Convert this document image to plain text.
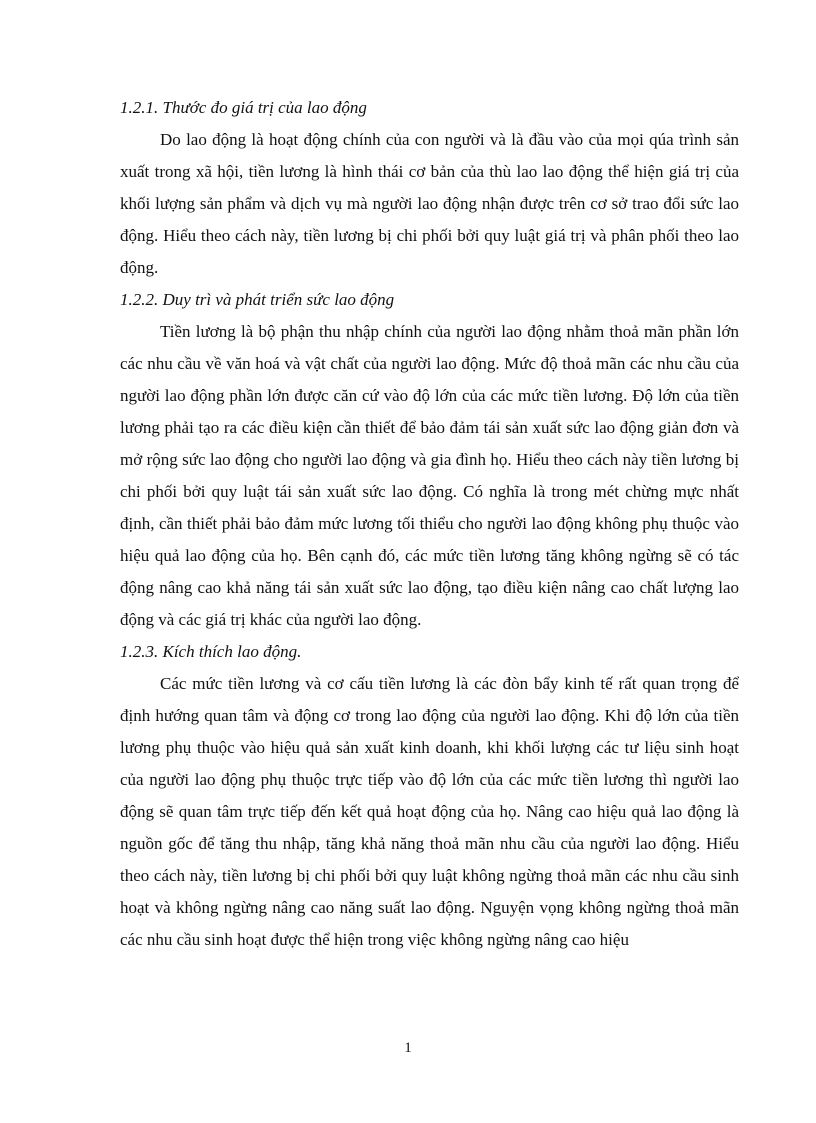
1.2.1. Thước đo giá trị của lao động

Do lao động là hoạt động chính của con người và là đầu vào của mọi qúa trình sản xuất trong xã hội, tiền lương là hình thái cơ bản của thù lao lao động thể hiện giá trị của khối lượng sản phẩm và dịch vụ mà người lao động nhận được trên cơ sở trao đổi sức lao động. Hiểu theo cách này, tiền lương bị chi phối bởi quy luật giá trị và phân phối theo lao động.

1.2.2. Duy trì và phát triển sức lao động

Tiền lương là bộ phận thu nhập chính của người lao động nhằm thoả mãn phần lớn các nhu cầu về văn hoá và vật chất của người lao động. Mức độ thoả mãn các nhu cầu của người lao động phần lớn được căn cứ vào độ lớn của các mức tiền lương. Độ lớn của tiền lương phải tạo ra các điều kiện cần thiết để bảo đảm tái sản xuất sức lao động giản đơn và mở rộng sức lao động cho người lao động và gia đình họ. Hiểu theo cách này tiền lương bị chi phối bởi quy luật tái sản xuất sức lao động. Có nghĩa là trong mét chừng mực nhất định, cần thiết phải bảo đảm mức lương tối thiểu cho người lao động không phụ thuộc vào hiệu quả lao động của họ. Bên cạnh đó, các mức tiền lương tăng không ngừng sẽ có tác động nâng cao khả năng tái sản xuất sức lao động, tạo điều kiện nâng cao chất lượng lao động và các giá trị khác của người lao động.

1.2.3. Kích thích lao động.

Các mức tiền lương và cơ cấu tiền lương là các đòn bẩy kinh tế rất quan trọng để định hướng quan tâm và động cơ trong lao động của người lao động. Khi độ lớn của tiền lương phụ thuộc vào hiệu quả sản xuất kinh doanh, khi khối lượng các tư liệu sinh hoạt của người lao động phụ thuộc trực tiếp vào độ lớn của các mức tiền lương thì người lao động sẽ quan tâm trực tiếp đến kết quả hoạt động của họ. Nâng cao hiệu quả lao động là nguồn gốc để tăng thu nhập, tăng khả năng thoả mãn nhu cầu của người lao động. Hiểu theo cách này, tiền lương bị chi phối bởi quy luật không ngừng thoả mãn các nhu cầu sinh hoạt và không ngừng nâng cao năng suất lao động. Nguyện vọng không ngừng thoả mãn các nhu cầu sinh hoạt được thể hiện trong việc không ngừng nâng cao hiệu

1
